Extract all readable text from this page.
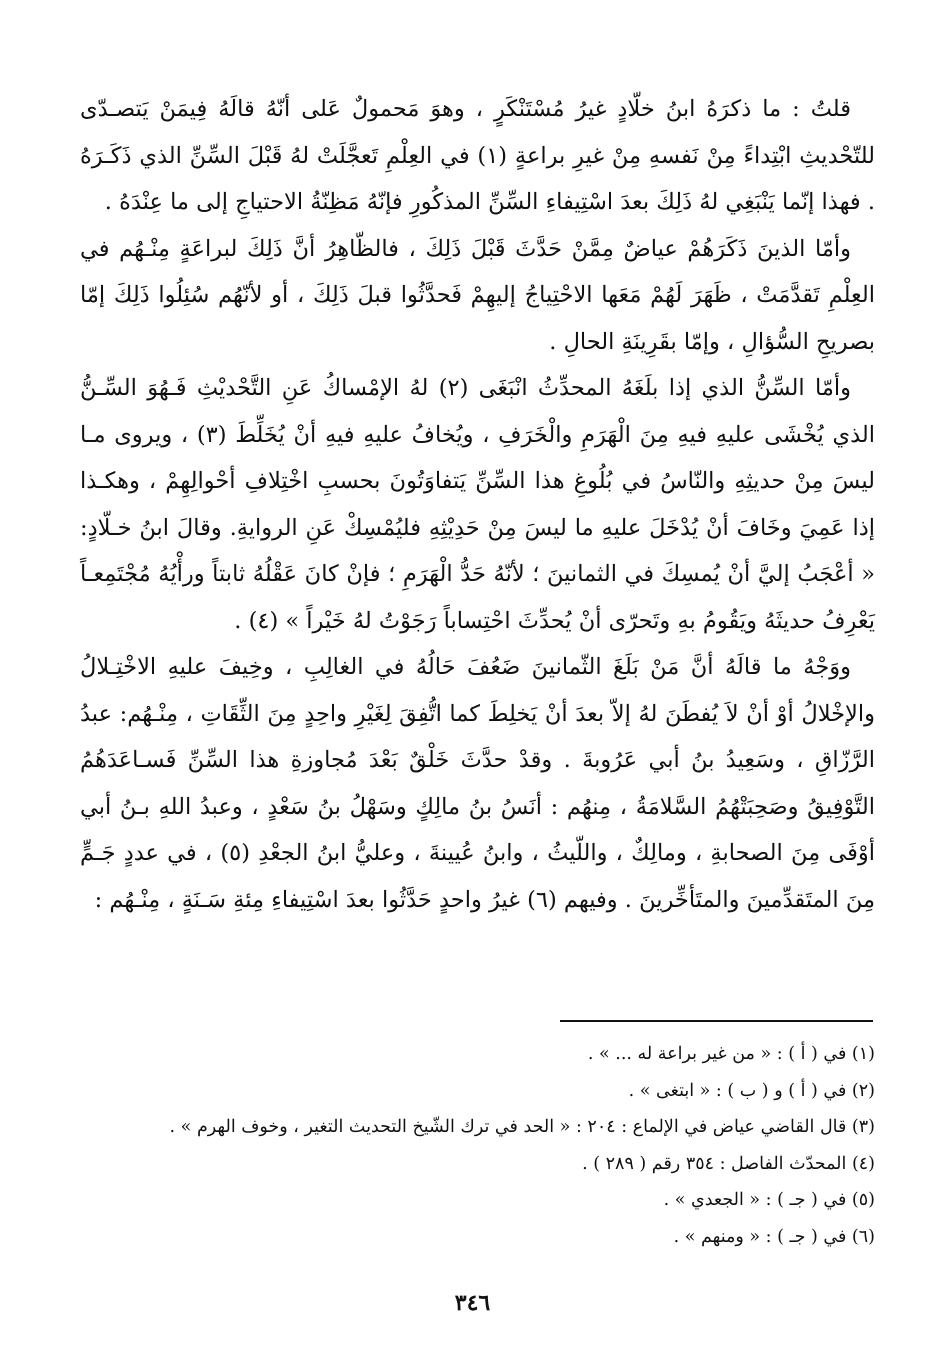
قلتُ : ما ذكرَهُ ابنُ خلّادٍ غيرُ مُسْتَنْكَرٍ ، وهوَ مَحمولٌ عَلى أنّهُ قالَهُ فِيمَنْ يَتصـدّى للتّحْديثِ ابْتِداءً مِنْ نَفسهِ مِنْ غيرِ براعةٍ (١) في العِلْمِ تَعجَّلَتْ لهُ قَبْلَ السِّنِّ الذي ذَكَـرَهُ . فهذا إنّما يَنْبَغِي لهُ ذَلِكَ بعدَ اسْتِيفاءِ السِّنِّ المذكُورِ فإنّهُ مَظِنّةُ الاحتياجِ إلى ما عِنْدَهُ .

وأمّا الذينَ ذَكَرَهُمْ عياضٌ مِمَّنْ حَدَّثَ قَبْلَ ذَلِكَ ، فالظّاهِرُ أنَّ ذَلِكَ لبراعَةٍ مِنْـهُم في العِلْمِ تَقدَّمَتْ ، ظَهَرَ لَهُمْ مَعَها الاحْتِياجُ إليهِمْ فَحدَّثُوا قبلَ ذَلِكَ ، أو لأنّهُم سُئِلُوا ذَلِكَ إمّا بصريحِ السُّؤالِ ، وإمّا بقَرِينَةِ الحالِ .

وأمّا السِّنُّ الذي إذا بلَغَهُ المحدِّثُ انْبَغَى (٢) لهُ الإمْساكُ عَنِ التَّحْديْثِ فَـهُوَ السِّـنُّ الذي يُخْشَى عليهِ فيهِ مِنَ الْهَرَمِ والْخَرَفِ ، ويُخافُ عليهِ فيهِ أنْ يُخَلِّطَ (٣) ، ويروى مـا ليسَ مِنْ حديثِهِ والنّاسُ في بُلُوغِ هذا السِّنِّ يَتفاوَتُونَ بحسبِ اخْتِلافِ أحْوالِهِمْ ، وهكـذا إذا عَمِيَ وخَافَ أنْ يُدْخَلَ عليهِ ما ليسَ مِنْ حَدِيْثِهِ فليُمْسِكْ عَنِ الروايةِ. وقالَ ابنُ خـلّادٍ: « أعْجَبُ إليَّ أنْ يُمسِكَ في الثمانينَ ؛ لأنّهُ حَدُّ الْهَرَمِ ؛ فإنْ كانَ عَقْلُهُ ثابتاً ورأْيُهُ مُجْتَمِعـاً يَعْرِفُ حديثَهُ ويَقُومُ بهِ وتَحرّى أنْ يُحدِّثَ احْتِساباً رَجَوْتُ لهُ خَيْراً » (٤) .

ووَجْهُ ما قالَهُ أنَّ مَنْ بَلَغَ الثّمانينَ ضَعُفَ حَالُهُ في الغالِبِ ، وخِيفَ عليهِ الاخْتِـلالُ والإخْلالُ أوْ أنْ لاَ يُفطَنَ لهُ إلاّ بعدَ أنْ يَخلِطَ كما اتُّفِقَ لِغَيْرِ واحِدٍ مِنَ الثِّقَاتِ ، مِنْـهُم: عبدُ الرَّزّاقِ ، وسَعِيدُ بنُ أبي عَرُوبةَ . وقدْ حدَّثَ خَلْقٌ بَعْدَ مُجاوزةِ هذا السِّنِّ فَسـاعَدَهُمُ التَّوْفِيقُ وصَحِبَتْهُمُ السَّلامَةُ ، مِنهُم : أنَسُ بنُ مالِكٍ وسَهْلُ بنُ سَعْدٍ ، وعبدُ اللهِ بـنُ أبي أوْفَى مِنَ الصحابةِ ، ومالِكٌ ، واللّيثُ ، وابنُ عُيينةَ ، وعليُّ ابنُ الجعْدِ (٥) ، في عددٍ جَـمٍّ مِنَ المتَقدِّمينَ والمتَأخِّرينَ . وفيهم (٦) غيرُ واحدٍ حَدَّثُوا بعدَ اسْتِيفاءِ مِئةِ سَـنَةٍ ، مِنْـهُم :

(١) في ( أ ) : « من غير براعة له ... » .

(٢) في ( أ ) و ( ب ) : « ابتغى » .

(٣) قال القاضي عياض في الإلماع : ٢٠٤ : « الحد في ترك الشّيخ التحديث التغير ، وخوف الهرم » .

(٤) المحدّث الفاصل : ٣٥٤ رقم ( ٢٨٩ ) .

(٥) في ( جـ ) : « الجعدي » .

(٦) في ( جـ ) : « ومنهم » .

٣٤٦
